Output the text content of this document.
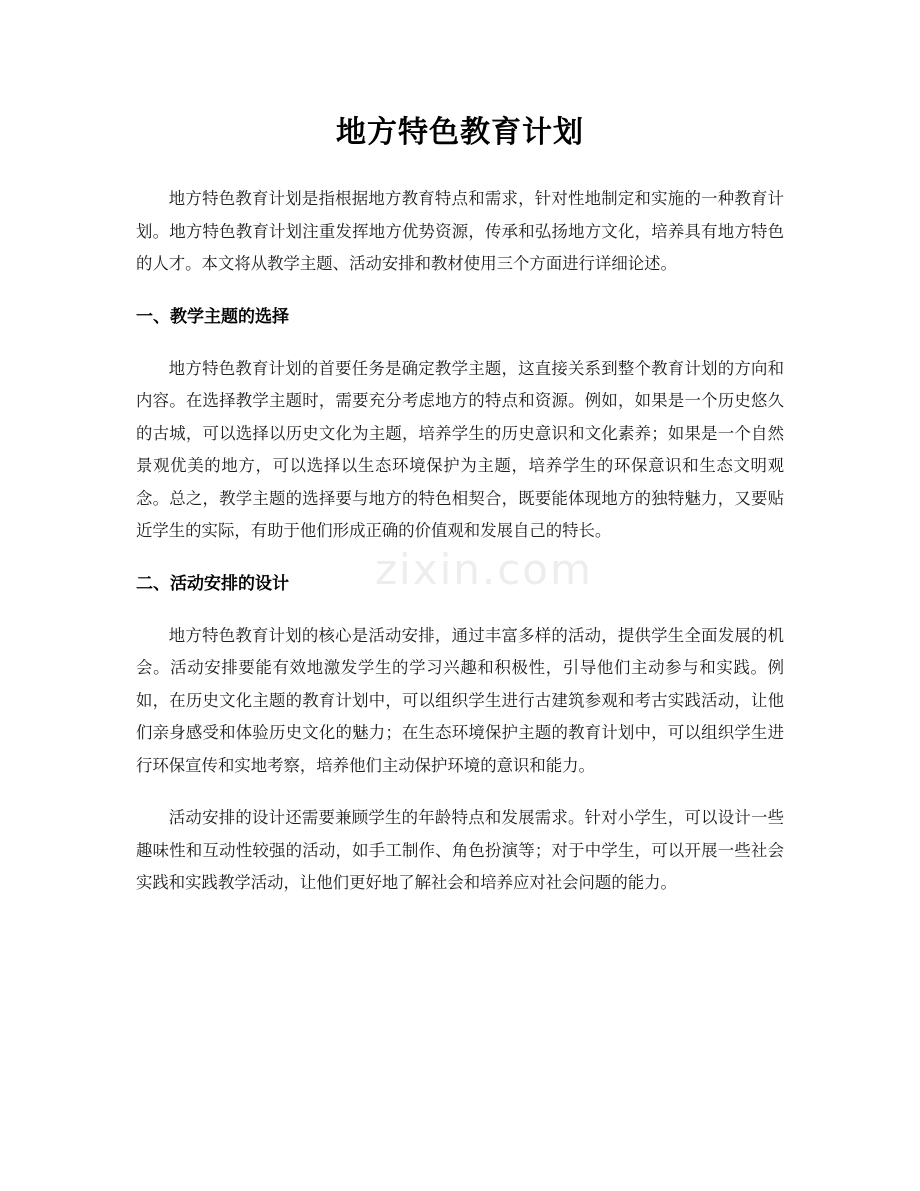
zixin.com
地方特色教育计划

地方特色教育计划是指根据地方教育特点和需求，针对性地制定和实施的一种教育计划。地方特色教育计划注重发挥地方优势资源，传承和弘扬地方文化，培养具有地方特色的人才。本文将从教学主题、活动安排和教材使用三个方面进行详细论述。

一、教学主题的选择

地方特色教育计划的首要任务是确定教学主题，这直接关系到整个教育计划的方向和内容。在选择教学主题时，需要充分考虑地方的特点和资源。例如，如果是一个历史悠久的古城，可以选择以历史文化为主题，培养学生的历史意识和文化素养；如果是一个自然景观优美的地方，可以选择以生态环境保护为主题，培养学生的环保意识和生态文明观念。总之，教学主题的选择要与地方的特色相契合，既要能体现地方的独特魅力，又要贴近学生的实际，有助于他们形成正确的价值观和发展自己的特长。

二、活动安排的设计

地方特色教育计划的核心是活动安排，通过丰富多样的活动，提供学生全面发展的机会。活动安排要能有效地激发学生的学习兴趣和积极性，引导他们主动参与和实践。例如，在历史文化主题的教育计划中，可以组织学生进行古建筑参观和考古实践活动，让他们亲身感受和体验历史文化的魅力；在生态环境保护主题的教育计划中，可以组织学生进行环保宣传和实地考察，培养他们主动保护环境的意识和能力。

活动安排的设计还需要兼顾学生的年龄特点和发展需求。针对小学生，可以设计一些趣味性和互动性较强的活动，如手工制作、角色扮演等；对于中学生，可以开展一些社会实践和实践教学活动，让他们更好地了解社会和培养应对社会问题的能力。
